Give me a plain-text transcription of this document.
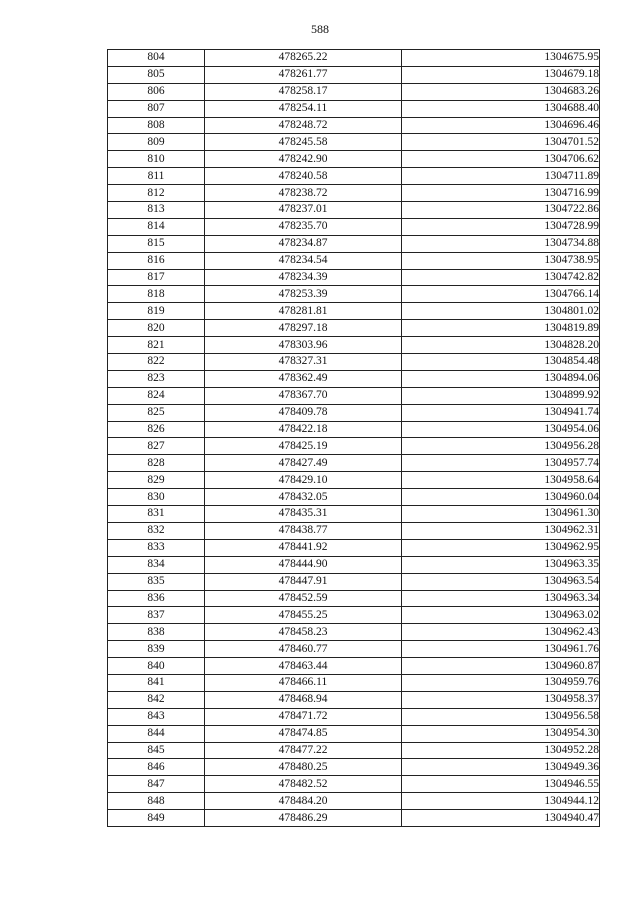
588
804	478265.22	1304675.95
805	478261.77	1304679.18
806	478258.17	1304683.26
807	478254.11	1304688.40
808	478248.72	1304696.46
809	478245.58	1304701.52
810	478242.90	1304706.62
811	478240.58	1304711.89
812	478238.72	1304716.99
813	478237.01	1304722.86
814	478235.70	1304728.99
815	478234.87	1304734.88
816	478234.54	1304738.95
817	478234.39	1304742.82
818	478253.39	1304766.14
819	478281.81	1304801.02
820	478297.18	1304819.89
821	478303.96	1304828.20
822	478327.31	1304854.48
823	478362.49	1304894.06
824	478367.70	1304899.92
825	478409.78	1304941.74
826	478422.18	1304954.06
827	478425.19	1304956.28
828	478427.49	1304957.74
829	478429.10	1304958.64
830	478432.05	1304960.04
831	478435.31	1304961.30
832	478438.77	1304962.31
833	478441.92	1304962.95
834	478444.90	1304963.35
835	478447.91	1304963.54
836	478452.59	1304963.34
837	478455.25	1304963.02
838	478458.23	1304962.43
839	478460.77	1304961.76
840	478463.44	1304960.87
841	478466.11	1304959.76
842	478468.94	1304958.37
843	478471.72	1304956.58
844	478474.85	1304954.30
845	478477.22	1304952.28
846	478480.25	1304949.36
847	478482.52	1304946.55
848	478484.20	1304944.12
849	478486.29	1304940.47
